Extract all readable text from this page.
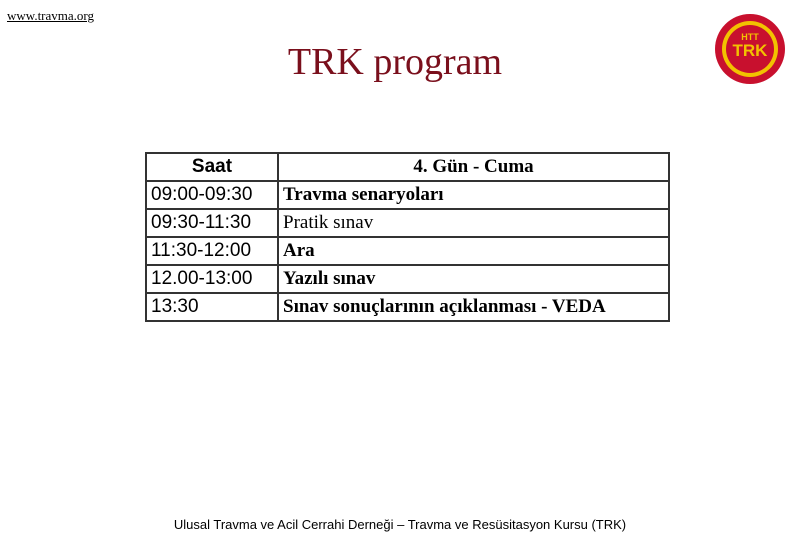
www.travma.org
TRK program
HTT
TRK
Saat	4. Gün - Cuma
09:00-09:30	Travma senaryoları
09:30-11:30	Pratik sınav
11:30-12:00	Ara
12.00-13:00	Yazılı sınav
13:30	Sınav sonuçlarının açıklanması - VEDA
Ulusal Travma ve Acil Cerrahi Derneği – Travma ve Resüsitasyon Kursu (TRK)
